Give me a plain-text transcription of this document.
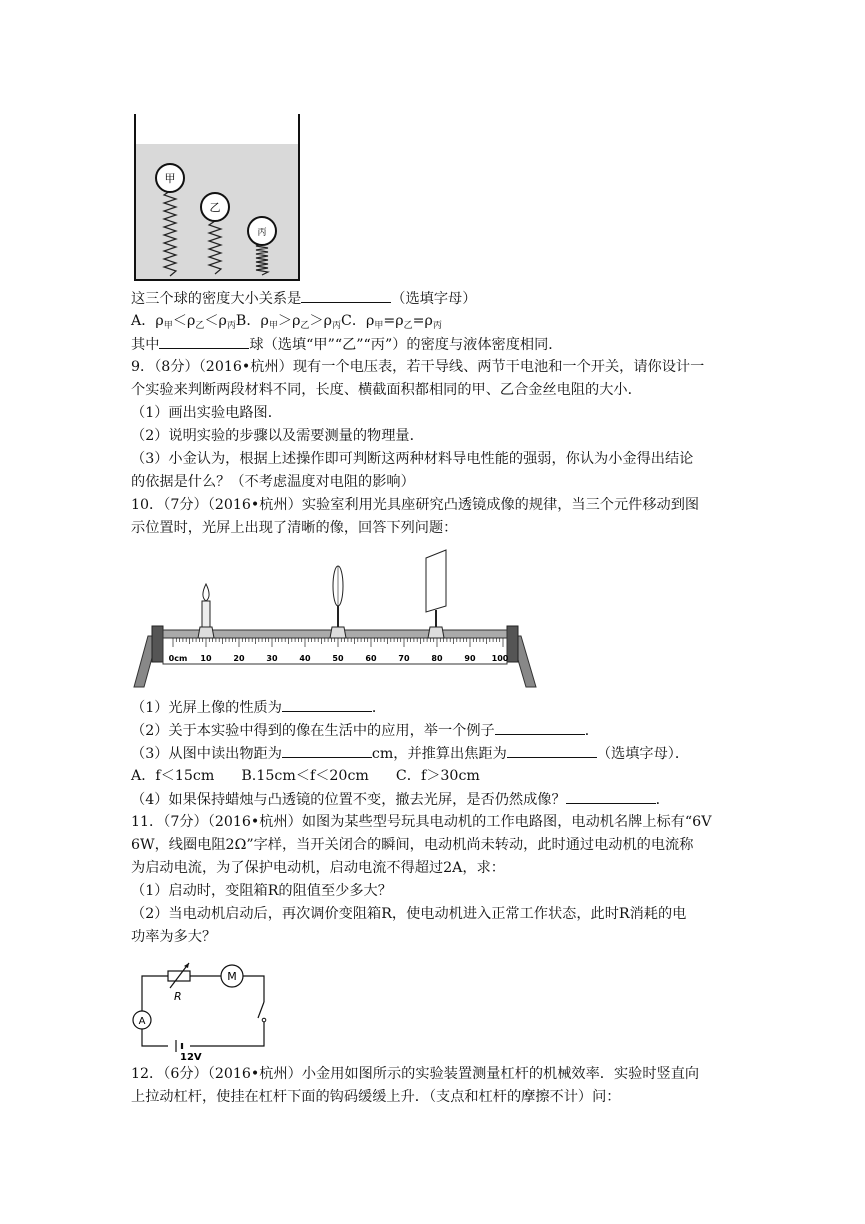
甲
乙
丙
这三个球的密度大小关系是	（选填字母）
A．$\rho_甲<\rho_乙<\rho_丙B$．$\rho_甲>\rho_乙>\rho_丙C$．$\rho_甲=\rho_乙=\rho_丙$
其中	球（选填“甲”“乙”“丙”）的密度与液体密度相同．
9．（8分）（2016•杭州）现有一个电压表，若干导线、两节干电池和一个开关，请你设计一
个实验来判断两段材料不同，长度、横截面积都相同的甲、乙合金丝电阻的大小．
（1）画出实验电路图．
（2）说明实验的步骤以及需要测量的物理量．
（3）小金认为，根据上述操作即可判断这两种材料导电性能的强弱，你认为小金得出结论
的依据是什么？（不考虑温度对电阻的影响）
10．（7分）（2016•杭州）实验室利用光具座研究凸透镜成像的规律，当三个元件移动到图
示位置时，光屏上出现了清晰的像，回答下列问题：
0cm 10	20	30	40	50	60	70	80	90 100
（1）光屏上像的性质为	．
（2）关于本实验中得到的像在生活中的应用，举一个例子	．
（3）从图中读出物距为	cm，并推算出焦距为	（选填字母）．
A．f＜15cm      B.15cm＜f＜20cm      C．f＞30cm
（4）如果保持蜡烛与凸透镜的位置不变，撤去光屏，是否仍然成像？	．
11．（7分）（2016•杭州）如图为某些型号玩具电动机的工作电路图，电动机名牌上标有“6V
6W，线圈电阻2Ω”字样，当开关闭合的瞬间，电动机尚未转动，此时通过电动机的电流称
为启动电流，为了保护电动机，启动电流不得超过2A，求：
（1）启动时，变阻箱R的阻值至少多大？
（2）当电动机启动后，再次调价变阻箱R，使电动机进入正常工作状态，此时R消耗的电
功率为多大？
R
M
A
12V
12．（6分）（2016•杭州）小金用如图所示的实验装置测量杠杆的机械效率．实验时竖直向
上拉动杠杆，使挂在杠杆下面的钩码缓缓上升．（支点和杠杆的摩擦不计）问：
